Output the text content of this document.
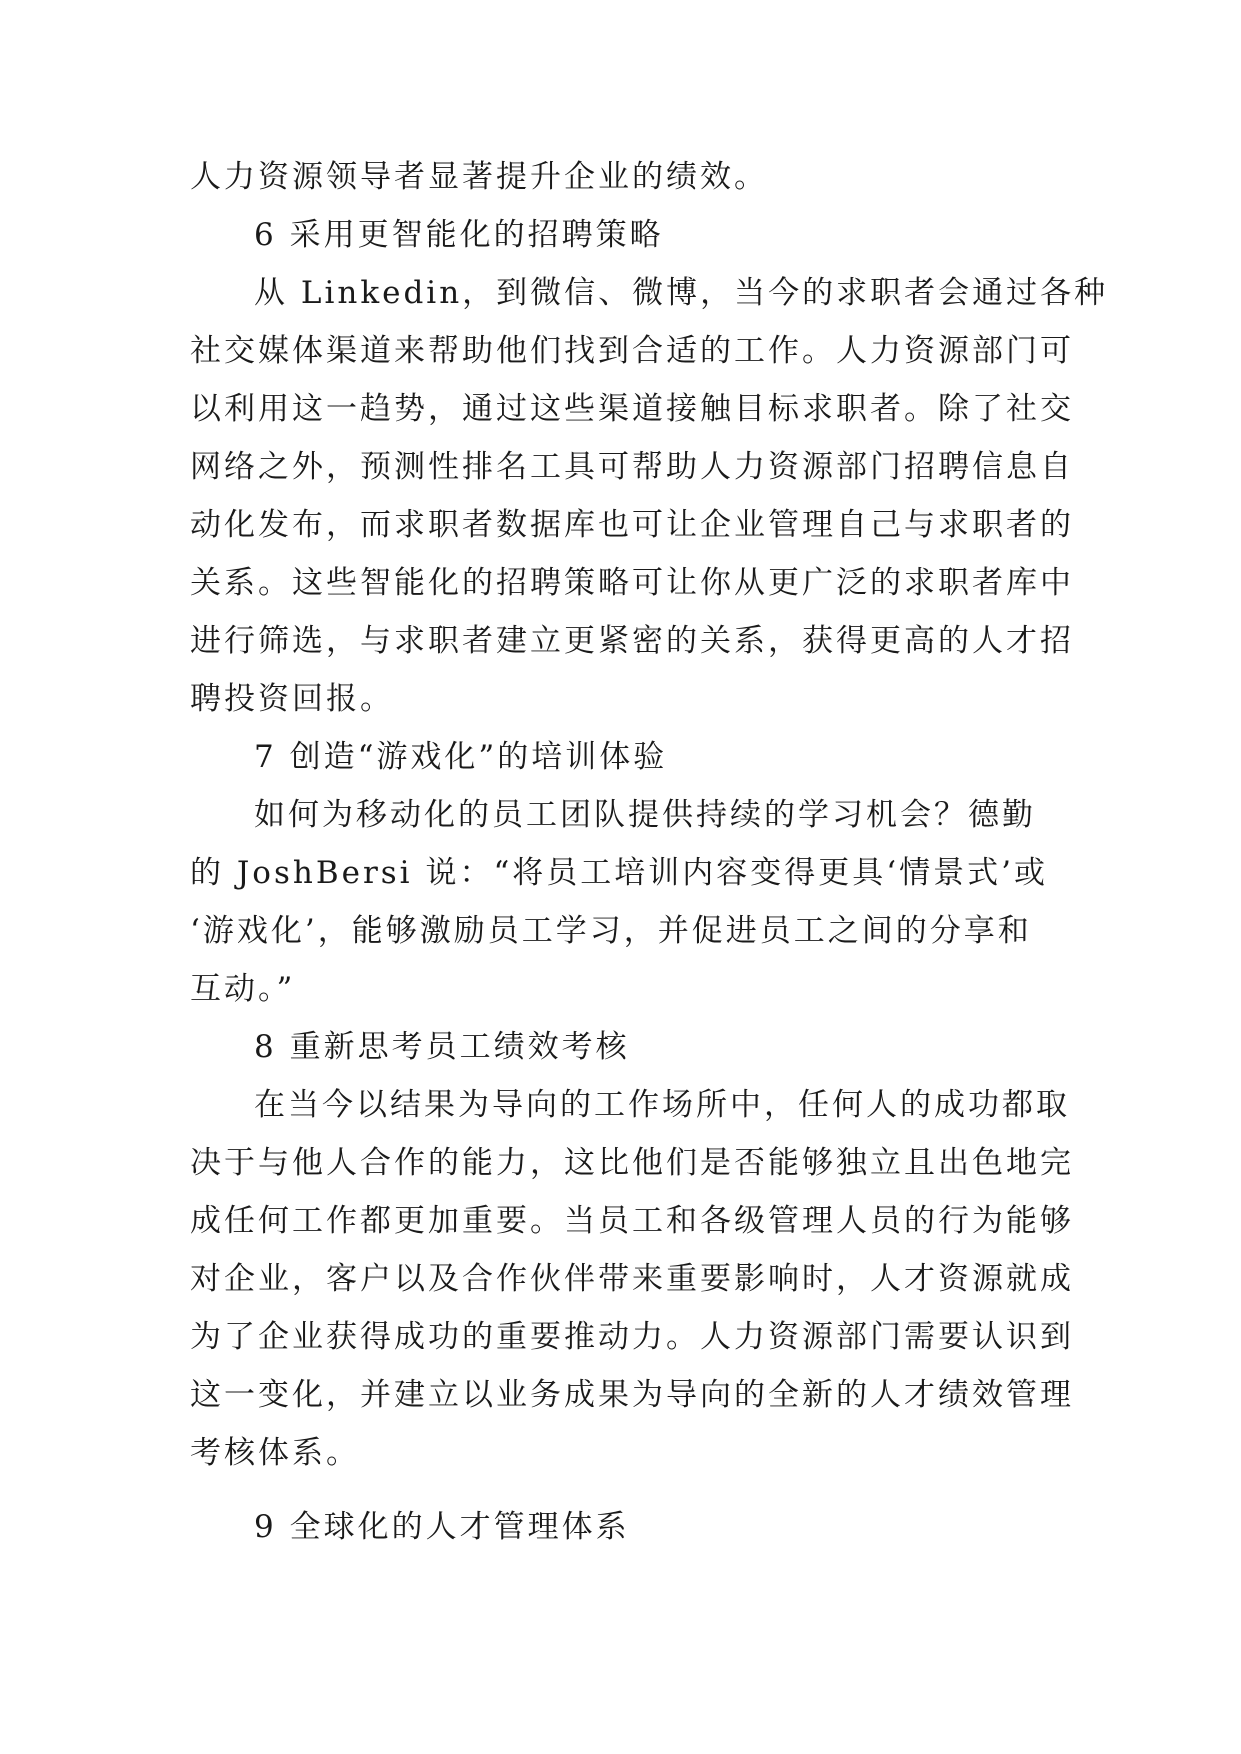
人力资源领导者显著提升企业的绩效。
6 采用更智能化的招聘策略
从 Linkedin，到微信、微博，当今的求职者会通过各种
社交媒体渠道来帮助他们找到合适的工作。人力资源部门可
以利用这一趋势，通过这些渠道接触目标求职者。除了社交
网络之外，预测性排名工具可帮助人力资源部门招聘信息自
动化发布，而求职者数据库也可让企业管理自己与求职者的
关系。这些智能化的招聘策略可让你从更广泛的求职者库中
进行筛选，与求职者建立更紧密的关系，获得更高的人才招
聘投资回报。
7 创造“游戏化”的培训体验
如何为移动化的员工团队提供持续的学习机会？德勤
的 JoshBersi 说：“将员工培训内容变得更具‘情景式’或
‘游戏化’，能够激励员工学习，并促进员工之间的分享和
互动。”
8 重新思考员工绩效考核
在当今以结果为导向的工作场所中，任何人的成功都取
决于与他人合作的能力，这比他们是否能够独立且出色地完
成任何工作都更加重要。当员工和各级管理人员的行为能够
对企业，客户以及合作伙伴带来重要影响时，人才资源就成
为了企业获得成功的重要推动力。人力资源部门需要认识到
这一变化，并建立以业务成果为导向的全新的人才绩效管理
考核体系。
9 全球化的人才管理体系
